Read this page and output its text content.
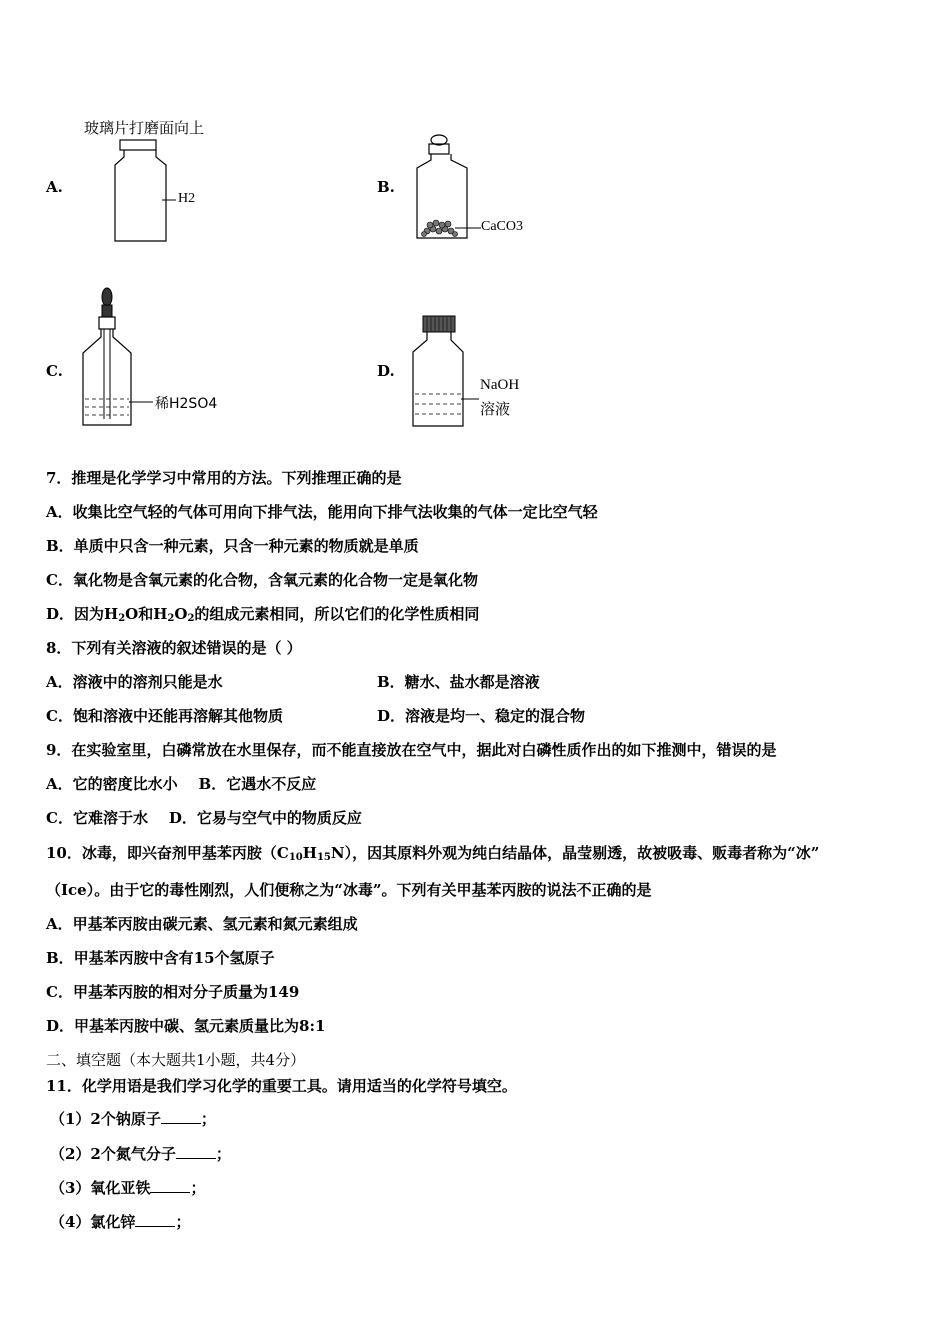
A.
玻璃片打磨面向上
H2
B.
CaCO3
C.
稀H2SO4
D.
NaOH
溶液
7．推理是化学学习中常用的方法。下列推理正确的是
A．收集比空气轻的气体可用向下排气法，能用向下排气法收集的气体一定比空气轻
B．单质中只含一种元素，只含一种元素的物质就是单质
C．氧化物是含氧元素的化合物，含氧元素的化合物一定是氧化物
D．因为$H_2O$和$H_2O_2$的组成元素相同，所以它们的化学性质相同
8．下列有关溶液的叙述错误的是（ ）
A．溶液中的溶剂只能是水	B．糖水、盐水都是溶液
C．饱和溶液中还能再溶解其他物质	D．溶液是均一、稳定的混合物
9．在实验室里，白磷常放在水里保存，而不能直接放在空气中，据此对白磷性质作出的如下推测中，错误的是
A．它的密度比水小    B．它遇水不反应
C．它难溶于水    D．它易与空气中的物质反应
10．冰毒，即兴奋剂甲基苯丙胺$(C_{10}H_{15}N)$，因其原料外观为纯白结晶体，晶莹剔透，故被吸毒、贩毒者称为“冰”
（Ice）。由于它的毒性刚烈，人们便称之为“冰毒”。下列有关甲基苯丙胺的说法不正确的是
A．甲基苯丙胺由碳元素、氢元素和氮元素组成
B．甲基苯丙胺中含有15个氢原子
C．甲基苯丙胺的相对分子质量为149
D．甲基苯丙胺中碳、氢元素质量比为8:1
二、填空题（本大题共1小题，共4分）
11．化学用语是我们学习化学的重要工具。请用适当的化学符号填空。
（1）2个钠原子	；
（2）2个氮气分子	；
（3）氧化亚铁	；
（4）氯化锌	；
